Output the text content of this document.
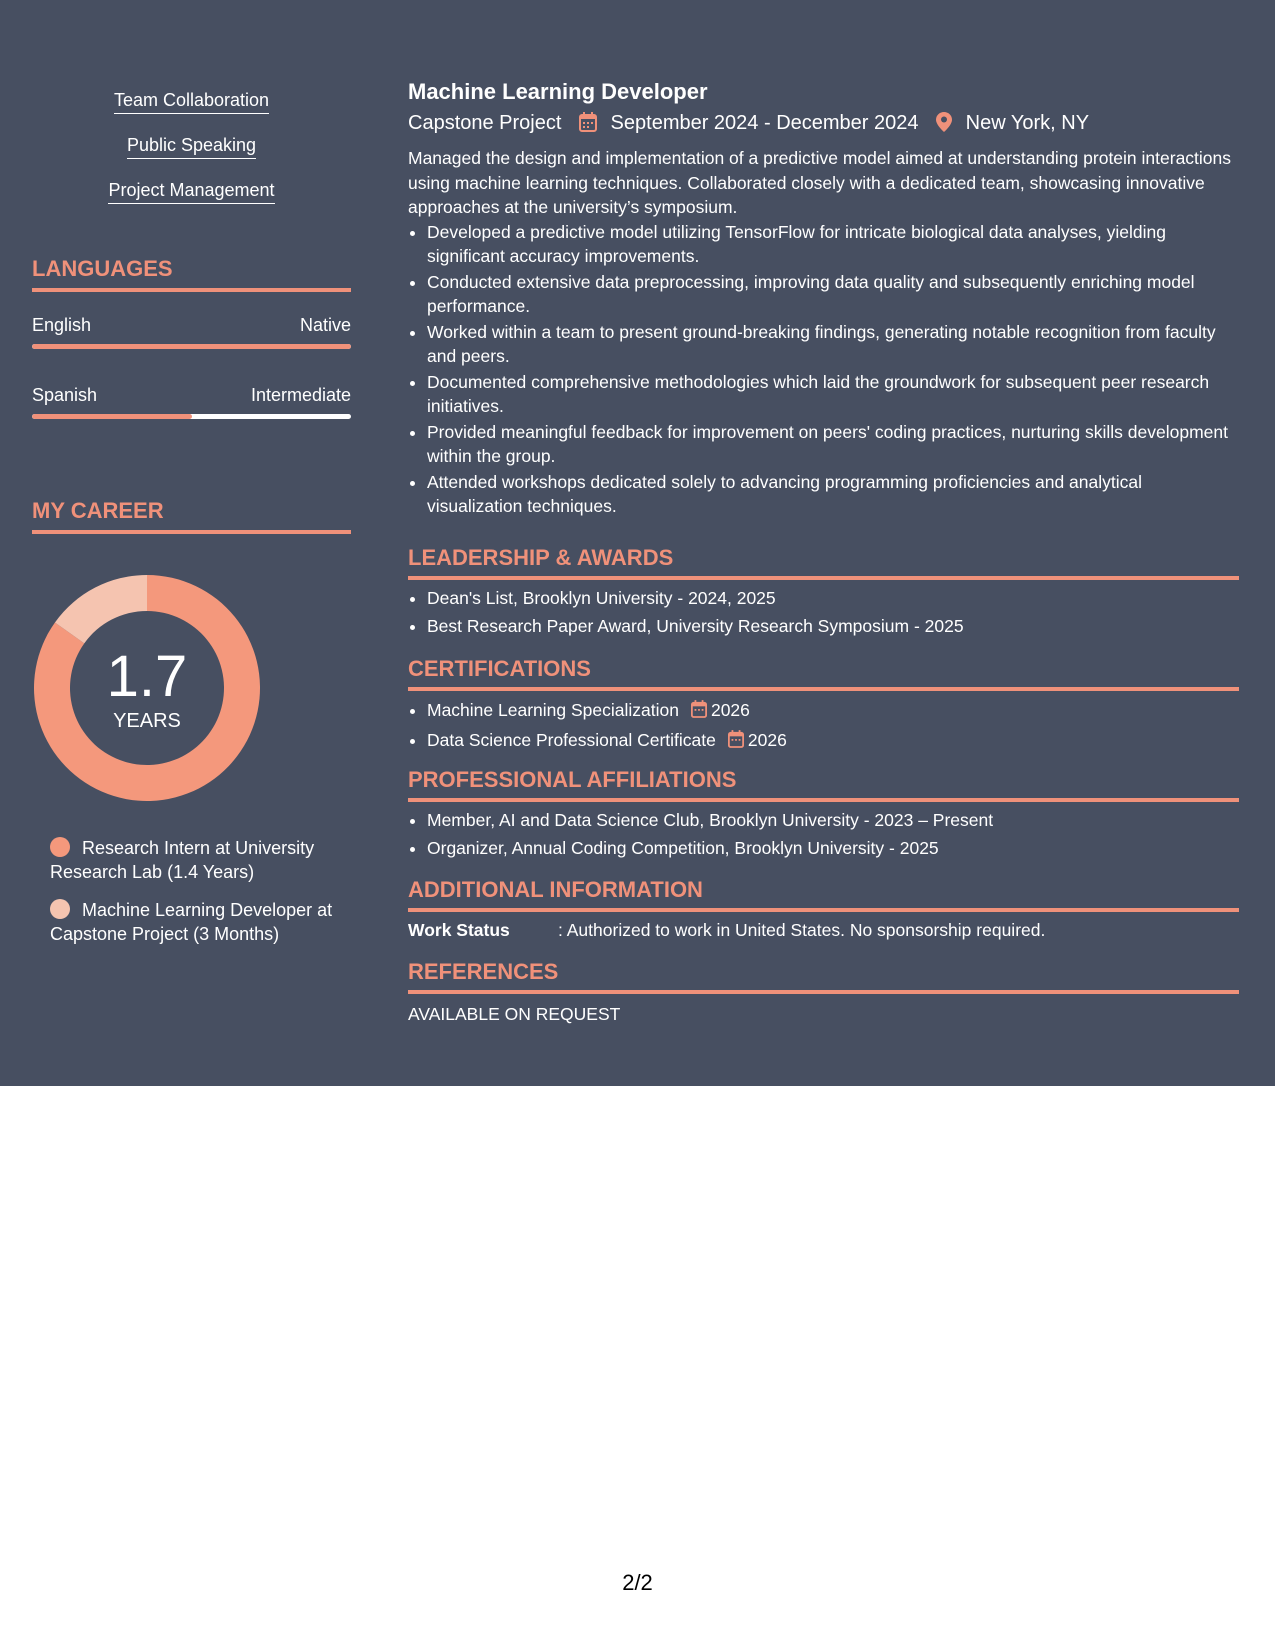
Team Collaboration
Public Speaking
Project Management
LANGUAGES
English	Native
Spanish	Intermediate
MY CAREER
1.7
YEARS
Research Intern at University Research Lab (1.4 Years)
Machine Learning Developer at Capstone Project (3 Months)
Machine Learning Developer
Capstone Project September 2024 - December 2024 New York, NY
Managed the design and implementation of a predictive model aimed at understanding protein interactions using machine learning techniques. Collaborated closely with a dedicated team, showcasing innovative approaches at the university’s symposium.
• Developed a predictive model utilizing TensorFlow for intricate biological data analyses, yielding significant accuracy improvements.
• Conducted extensive data preprocessing, improving data quality and subsequently enriching model performance.
• Worked within a team to present ground-breaking findings, generating notable recognition from faculty and peers.
• Documented comprehensive methodologies which laid the groundwork for subsequent peer research initiatives.
• Provided meaningful feedback for improvement on peers' coding practices, nurturing skills development within the group.
• Attended workshops dedicated solely to advancing programming proficiencies and analytical visualization techniques.
LEADERSHIP & AWARDS
• Dean's List, Brooklyn University - 2024, 2025
• Best Research Paper Award, University Research Symposium - 2025
CERTIFICATIONS
• Machine Learning Specialization 2026
• Data Science Professional Certificate 2026
PROFESSIONAL AFFILIATIONS
• Member, AI and Data Science Club, Brooklyn University - 2023 – Present
• Organizer, Annual Coding Competition, Brooklyn University - 2025
ADDITIONAL INFORMATION
Work Status	: Authorized to work in United States. No sponsorship required.
REFERENCES
AVAILABLE ON REQUEST
2/2
